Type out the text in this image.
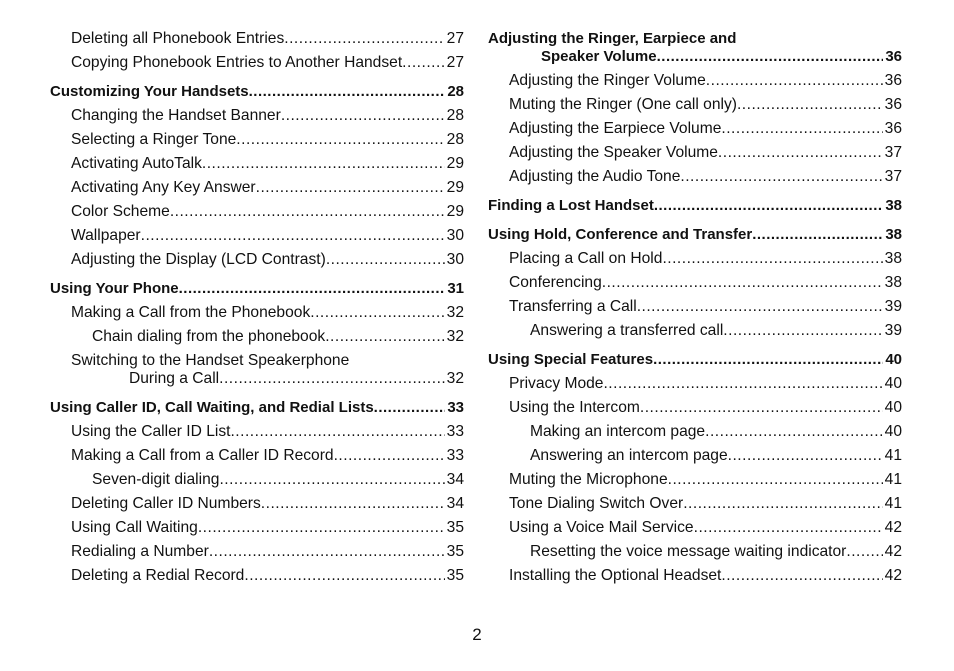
Deleting all Phonebook Entries .....	27
Copying Phonebook Entries to Another Handset .....	27
Customizing Your Handsets .....	28
Changing the Handset Banner .....	28
Selecting a Ringer Tone .....	28
Activating AutoTalk .....	29
Activating Any Key Answer .....	29
Color Scheme .....	29
Wallpaper .....	30
Adjusting the Display (LCD Contrast) .....	30
Using Your Phone .....	31
Making a Call from the Phonebook .....	32
Chain dialing from the phonebook .....	32
Switching to the Handset Speakerphone
During a Call .....	32
Using Caller ID, Call Waiting, and Redial Lists .....	33
Using the Caller ID List .....	33
Making a Call from a Caller ID Record .....	33
Seven-digit dialing .....	34
Deleting Caller ID Numbers .....	34
Using Call Waiting .....	35
Redialing a Number .....	35
Deleting a Redial Record .....	35
Adjusting the Ringer, Earpiece and
Speaker Volume .....	36
Adjusting the Ringer Volume .....	36
Muting the Ringer (One call only) .....	36
Adjusting the Earpiece Volume .....	36
Adjusting the Speaker Volume .....	37
Adjusting the Audio Tone .....	37
Finding a Lost Handset .....	38
Using Hold, Conference and Transfer .....	38
Placing a Call on Hold .....	38
Conferencing .....	38
Transferring a Call .....	39
Answering a transferred call .....	39
Using Special Features .....	40
Privacy Mode .....	40
Using the Intercom .....	40
Making an intercom page .....	40
Answering an intercom page .....	41
Muting the Microphone .....	41
Tone Dialing Switch Over .....	41
Using a Voice Mail Service .....	42
Resetting the voice message waiting indicator ..... 42
Installing the Optional Headset .....	42
2
